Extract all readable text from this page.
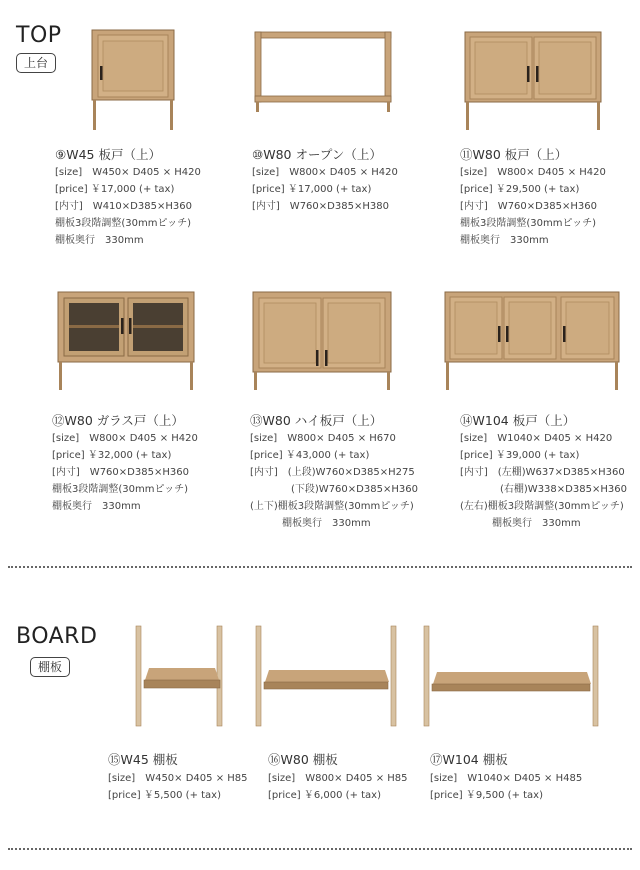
TOP
上台
⑨W45 板戸（上）
[size]　W450× D405 × H420
[price] ￥17,000 (+ tax)
[内寸]　W410×D385×H360
棚板3段階調整(30mmピッチ)
棚板奥行　330mm
⑩W80 オープン（上）
[size]　W800× D405 × H420
[price] ￥17,000 (+ tax)
[内寸]　W760×D385×H380
⑪W80 板戸（上）
[size]　W800× D405 × H420
[price] ￥29,500 (+ tax)
[内寸]　W760×D385×H360
棚板3段階調整(30mmピッチ)
棚板奥行　330mm
⑫W80 ガラス戸（上）
[size]　W800× D405 × H420
[price] ￥32,000 (+ tax)
[内寸]　W760×D385×H360
棚板3段階調整(30mmピッチ)
棚板奥行　330mm
⑬W80 ハイ板戸（上）
[size]　W800× D405 × H670
[price] ￥43,000 (+ tax)
[内寸]　(上段)W760×D385×H275
(下段)W760×D385×H360
(上下)棚板3段階調整(30mmピッチ)
棚板奥行　330mm
⑭W104 板戸（上）
[size]　W1040× D405 × H420
[price] ￥39,000 (+ tax)
[内寸]　(左棚)W637×D385×H360
(右棚)W338×D385×H360
(左右)棚板3段階調整(30mmピッチ)
棚板奥行　330mm
BOARD
棚板
⑮W45 棚板
[size]　W450× D405 × H85
[price] ￥5,500 (+ tax)
⑯W80 棚板
[size]　W800× D405 × H85
[price] ￥6,000 (+ tax)
⑰W104 棚板
[size]　W1040× D405 × H485
[price] ￥9,500 (+ tax)
